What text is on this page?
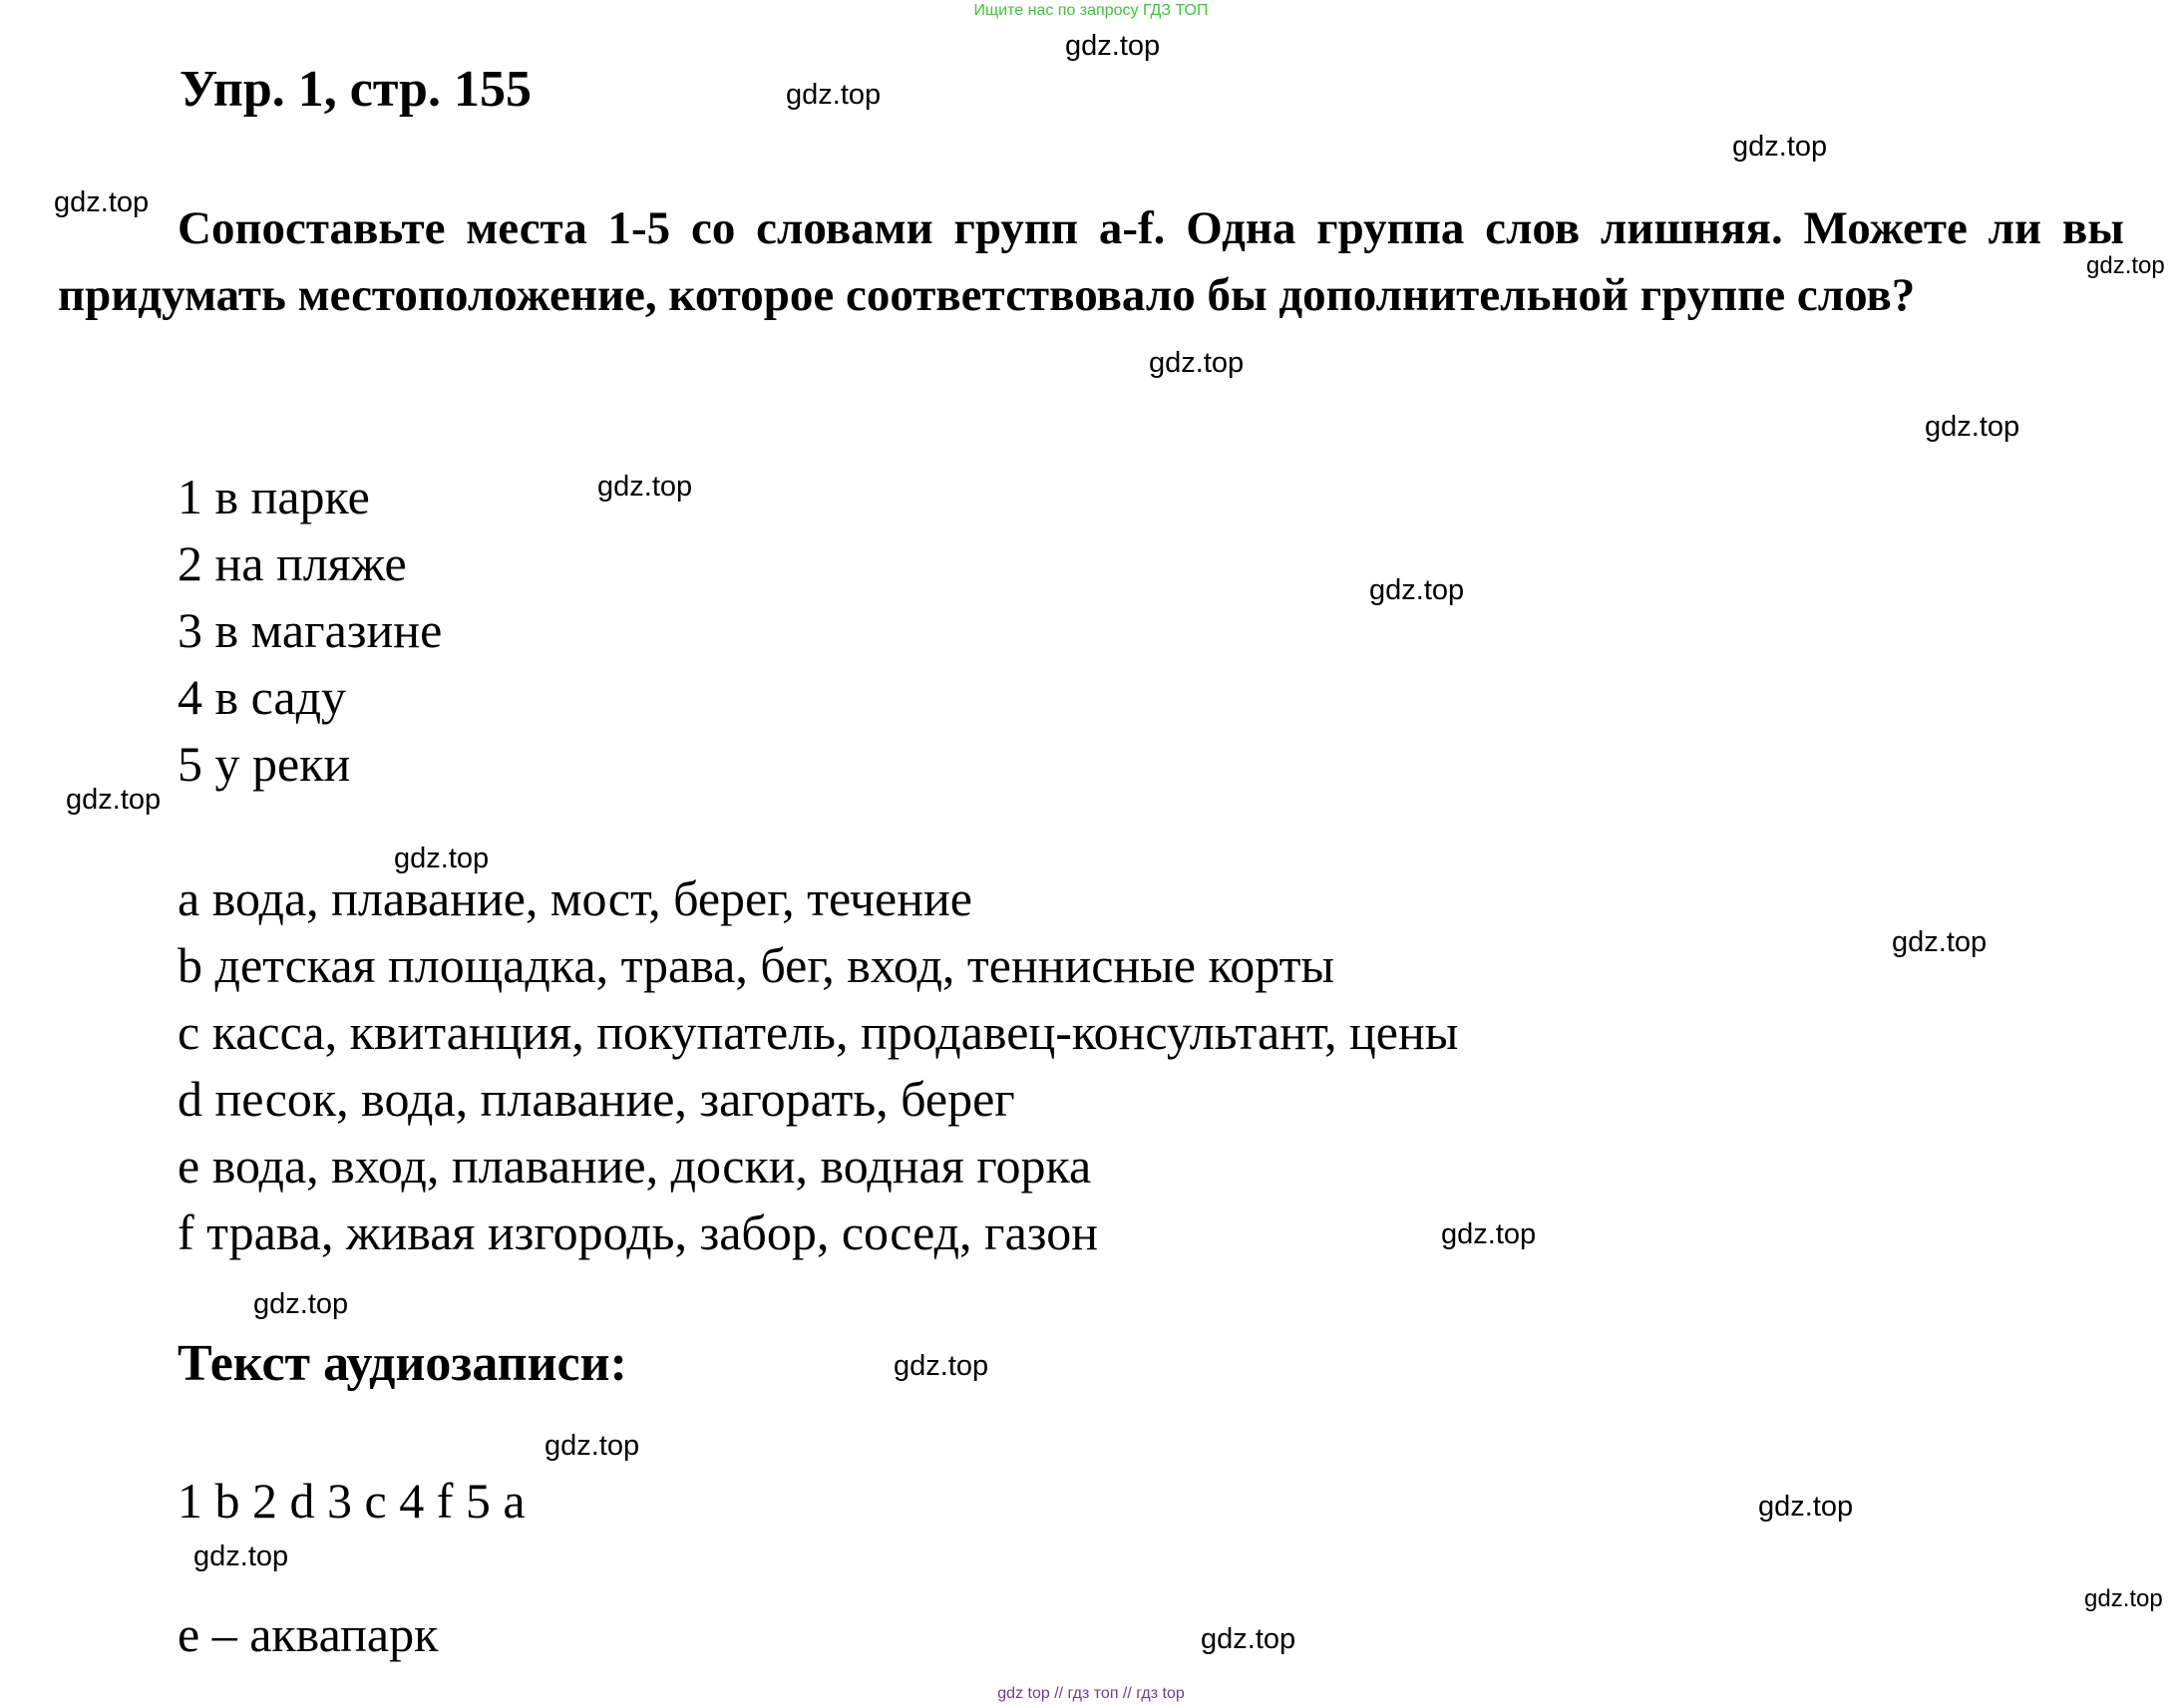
Ищите нас по запросу ГДЗ ТОП
Упр. 1, стр. 155
Сопоставьте места 1-5 со словами групп a-f. Одна группа слов лишняя. Можете ли вы придумать местоположение, которое соответствовало бы дополнительной группе слов?
1 в парке
2 на пляже
3 в магазине
4 в саду
5 у реки
a вода, плавание, мост, берег, течение
b детская площадка, трава, бег, вход, теннисные корты
c касса, квитанция, покупатель, продавец-консультант, цены
d песок, вода, плавание, загорать, берег
e вода, вход, плавание, доски, водная горка
f трава, живая изгородь, забор, сосед, газон
Текст аудиозаписи:
1 b 2 d 3 c 4 f 5 a
e – аквапарк
gdz.top
gdz.top
gdz.top
gdz.top
gdz.top
gdz.top
gdz.top
gdz.top
gdz.top
gdz.top
gdz.top
gdz.top
gdz.top
gdz.top
gdz.top
gdz.top
gdz.top
gdz.top
gdz.top
gdz.top
gdz top // гдз топ // гдз top
